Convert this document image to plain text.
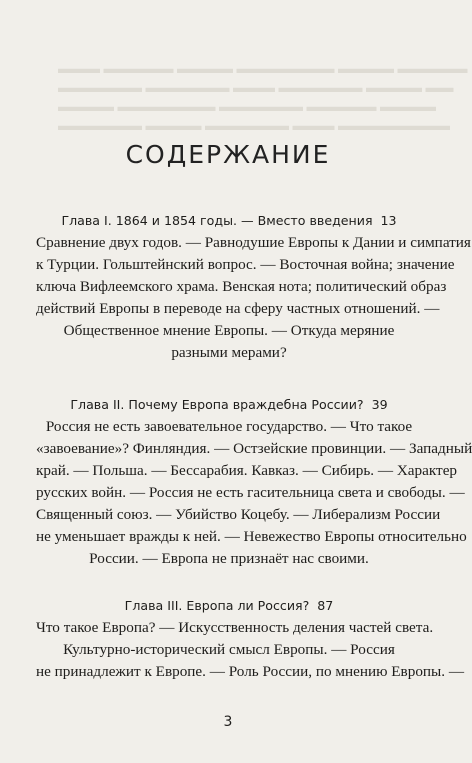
▬▬▬ ▬▬▬▬▬ ▬▬▬▬ ▬▬▬▬▬▬▬ ▬▬▬▬ ▬▬▬▬▬
▬▬▬▬▬▬ ▬▬▬▬▬▬ ▬▬▬ ▬▬▬▬▬▬ ▬▬▬▬ ▬▬
▬▬▬▬ ▬▬▬▬▬▬▬ ▬▬▬▬▬▬ ▬▬▬▬▬ ▬▬▬▬
▬▬▬▬▬▬ ▬▬▬▬ ▬▬▬▬▬▬ ▬▬▬ ▬▬▬▬▬▬▬▬
СОДЕРЖАНИЕ
Глава I. 1864 и 1854 годы. — Вместо введения 13
Сравнение двух годов. — Равнодушие Европы к Дании и симпатия
к Турции. Гольштейнский вопрос. — Восточная война; значение
ключа Вифлеемского храма. Венская нота; политический образ
действий Европы в переводе на сферу частных отношений. —
Общественное мнение Европы. — Откуда меряние
разными мерами?
Глава II. Почему Европа враждебна России? 39
Россия не есть завоевательное государство. — Что такое
«завоевание»? Финляндия. — Остзейские провинции. — Западный
край. — Польша. — Бессарабия. Кавказ. — Сибирь. — Характер
русских войн. — Россия не есть гасительница света и свободы. —
Священный союз. — Убийство Коцебу. — Либерализм России
не уменьшает вражды к ней. — Невежество Европы относительно
России. — Европа не признаёт нас своими.
Глава III. Европа ли Россия? 87
Что такое Европа? — Искусственность деления частей света.
Культурно-исторический смысл Европы. — Россия
не принадлежит к Европе. — Роль России, по мнению Европы. —
3
